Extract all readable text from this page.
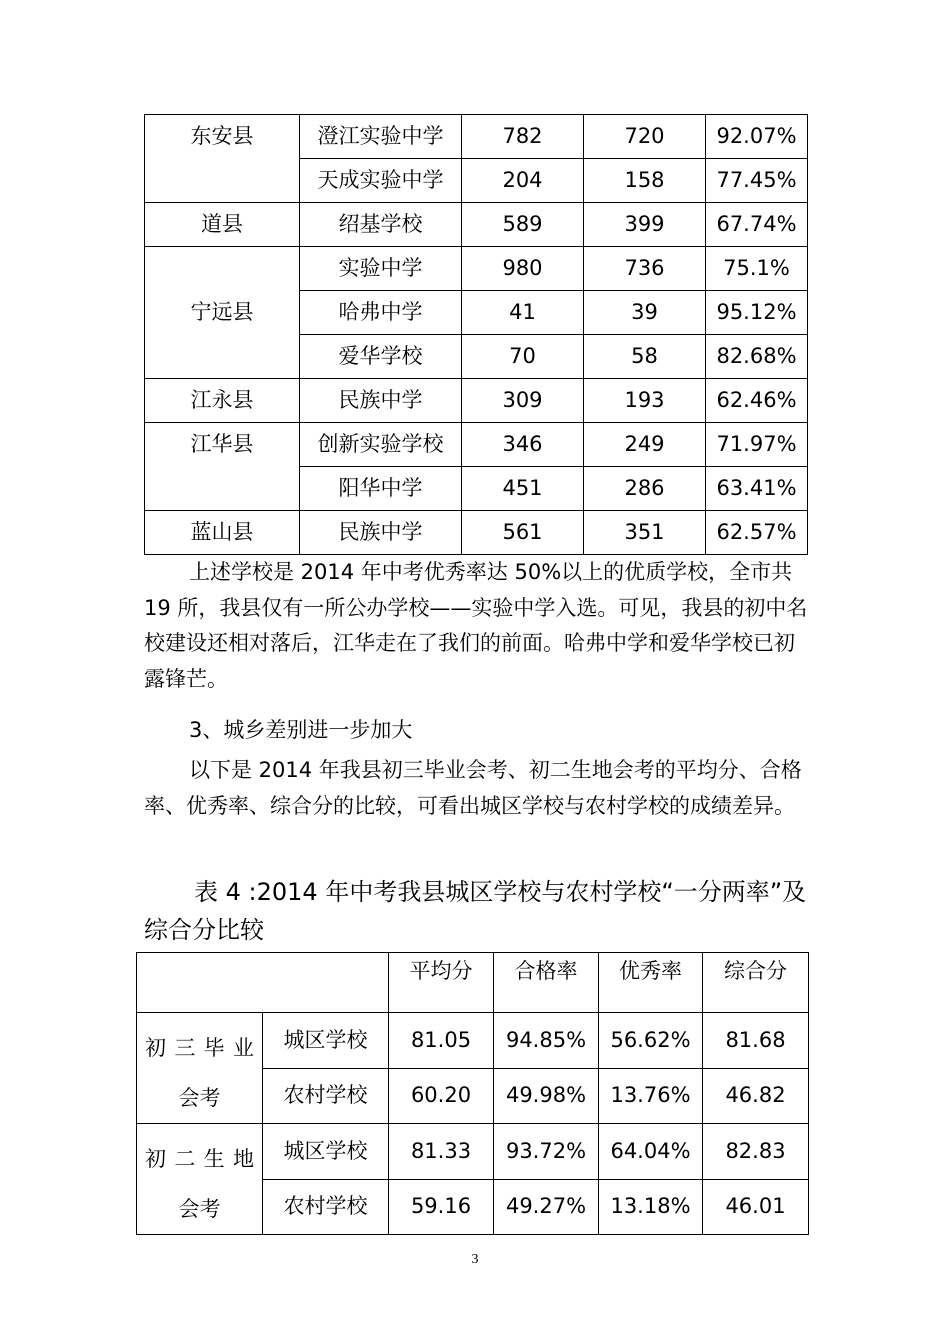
东安县	澄江实验中学	782	720	92.07%
	天成实验中学	204	158	77.45%
道县	绍基学校	589	399	67.74%
宁远县	实验中学	980	736	75.1%
	哈弗中学	41	39	95.12%
	爱华学校	70	58	82.68%
江永县	民族中学	309	193	62.46%
江华县	创新实验学校	346	249	71.97%
	阳华中学	451	286	63.41%
蓝山县	民族中学	561	351	62.57%

上述学校是 2014 年中考优秀率达 50%以上的优质学校，全市共 19 所，我县仅有一所公办学校——实验中学入选。可见，我县的初中名校建设还相对落后，江华走在了我们的前面。哈弗中学和爱华学校已初露锋芒。

3、城乡差别进一步加大

以下是 2014 年我县初三毕业会考、初二生地会考的平均分、合格率、优秀率、综合分的比较，可看出城区学校与农村学校的成绩差异。

表 4 :2014 年中考我县城区学校与农村学校“一分两率”及综合分比较

		平均分	合格率	优秀率	综合分

初三毕业
会考	城区学校	81.05	94.85%	56.62%	81.68
	农村学校	60.20	49.98%	13.76%	46.82

初二生地
会考	城区学校	81.33	93.72%	64.04%	82.83
	农村学校	59.16	49.27%	13.18%	46.01
3
